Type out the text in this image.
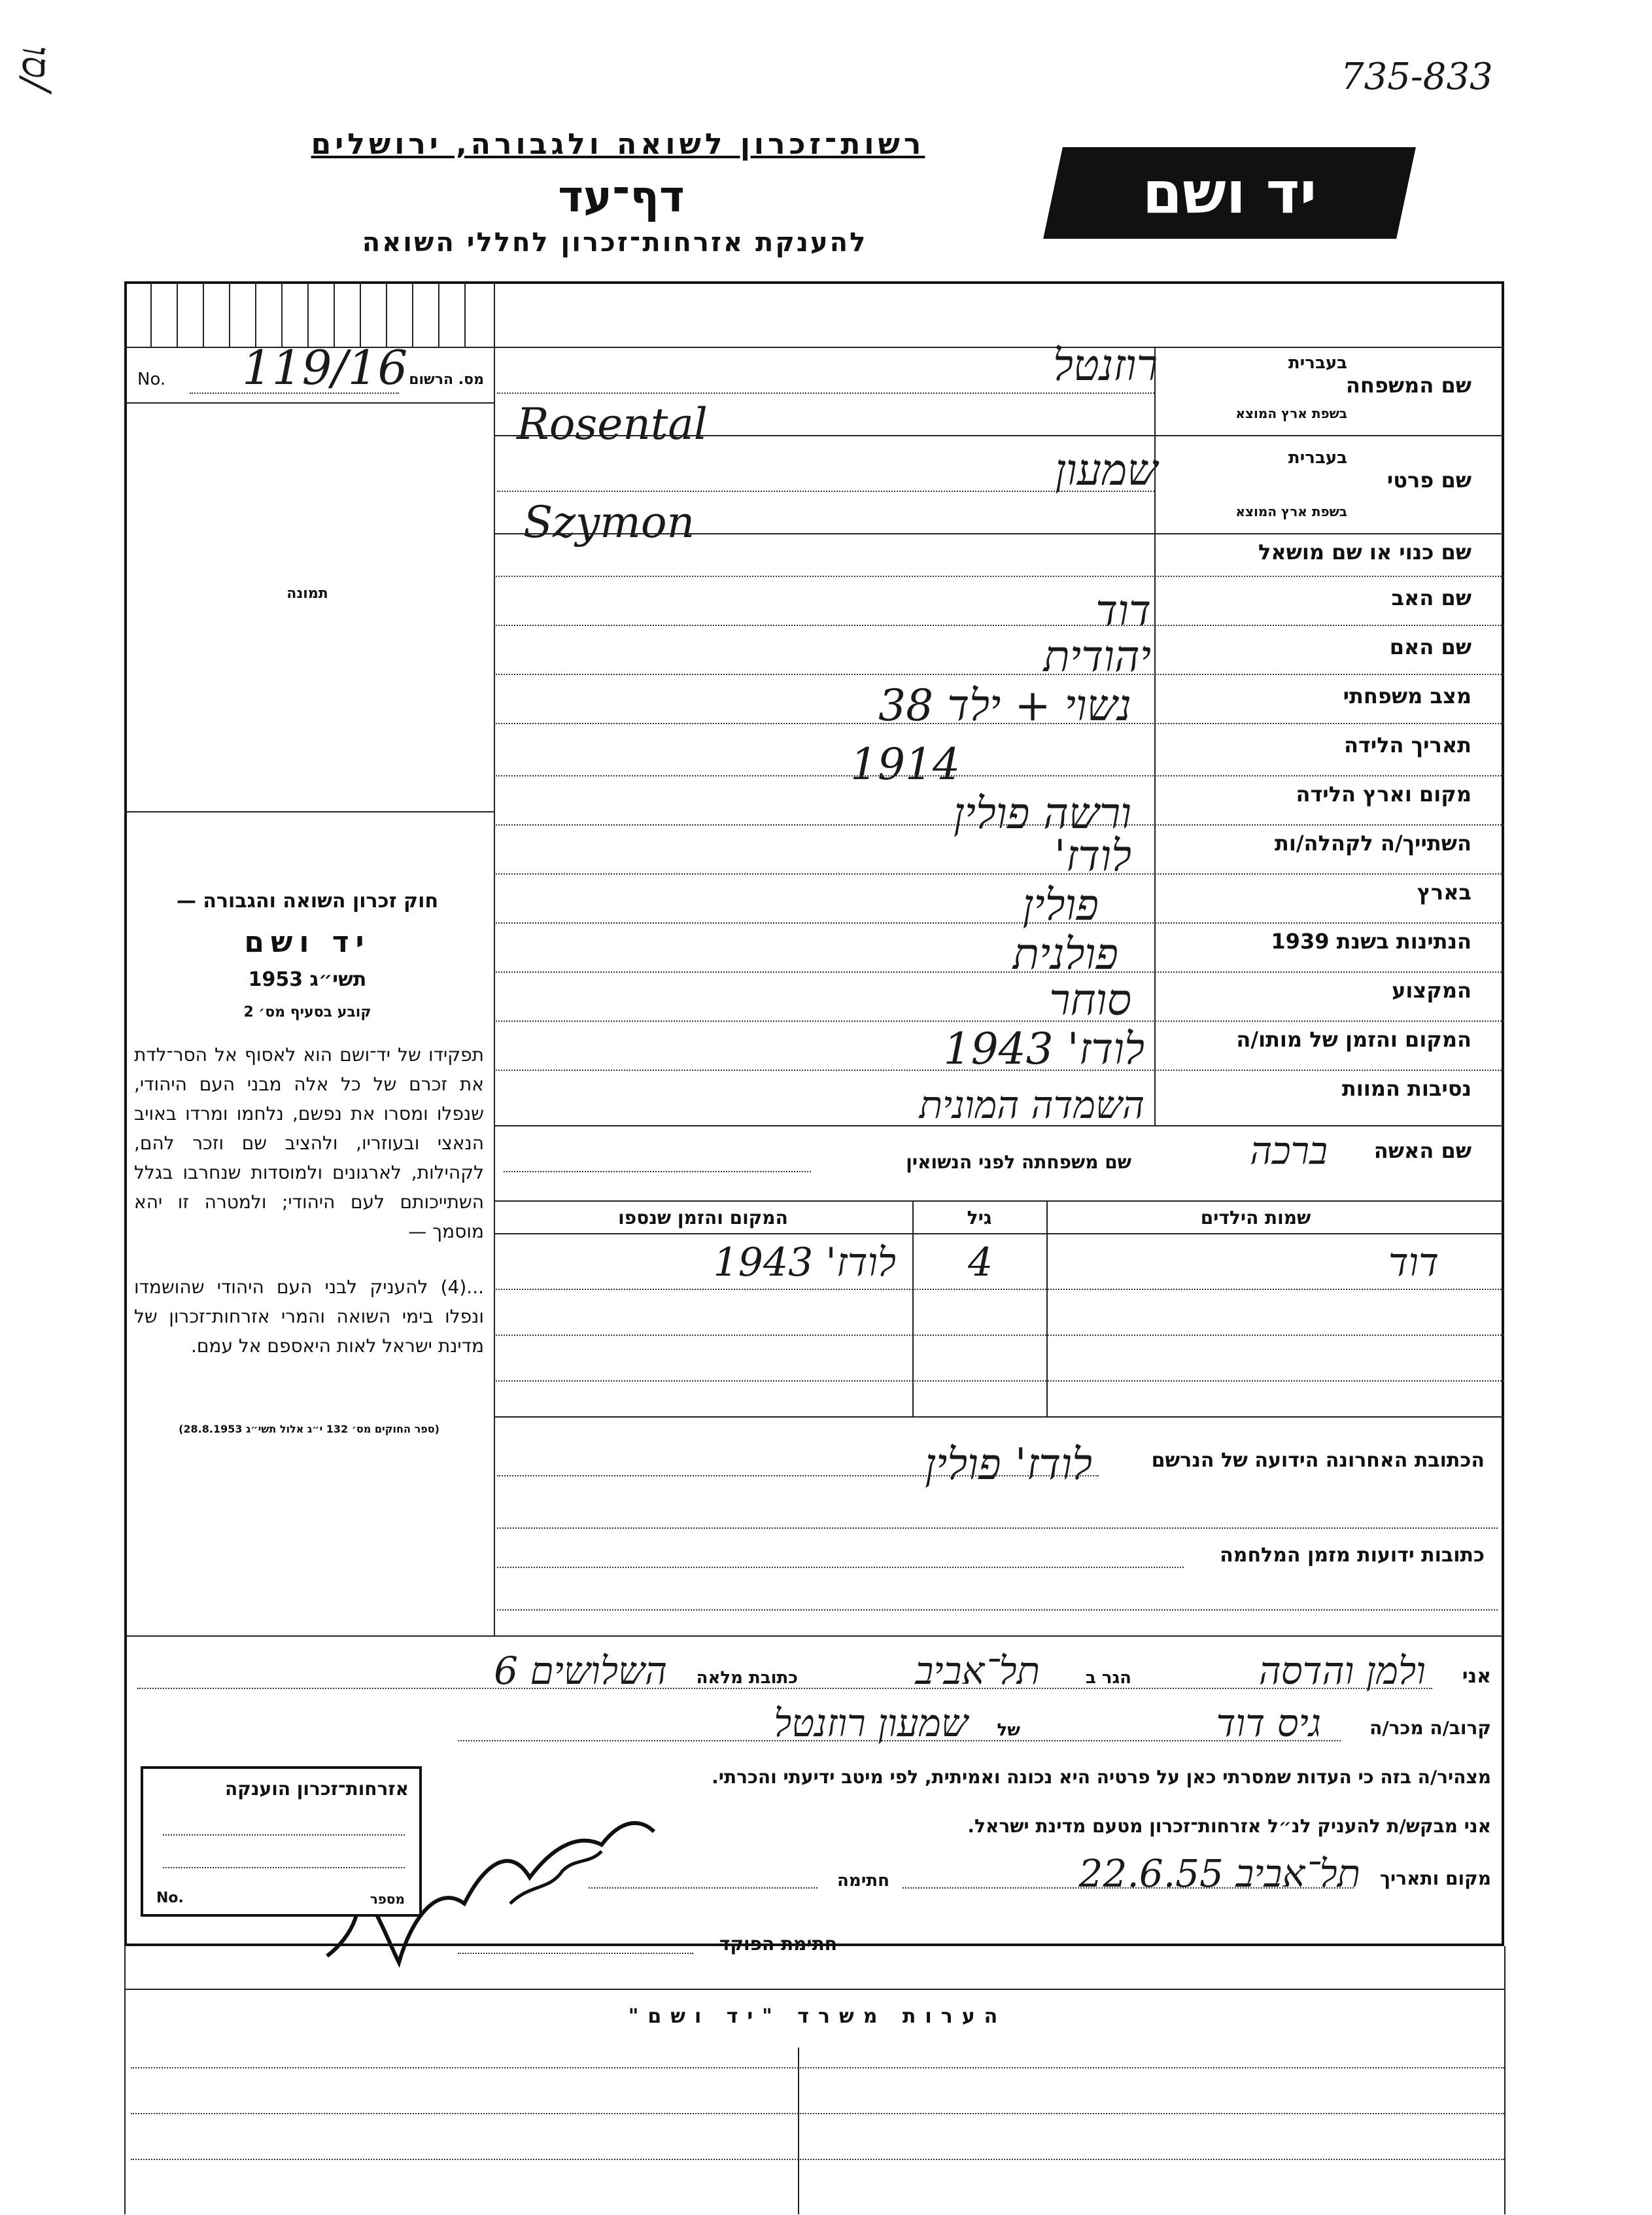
סו/	735-833
רשות־זכרון לשואה ולגבורה, ירושלים
דף־עד
להענקת אזרחות־זכרון לחללי השואה
יד ושם
No. 119/16 מס. הרשום
תמונה
שם המשפחה
בעברית
בשפת ארץ המוצא
רוזנטל
Rosental
שם פרטי
בעברית
בשפת ארץ המוצא
שמעון
Szymon
שם כנוי או שם מושאל
שם האב
דוד
שם האם
יהודית
מצב משפחתי
נשוי + ילד 38
תאריך הלידה
1914
מקום וארץ הלידה
ורשה פולין
השתייך/ה לקהלה/ות
לודז'
בארץ
פולין
הנתינות בשנת 1939
פולנית
המקצוע
סוחר
המקום והזמן של מותו/ה
לודז' 1943
נסיבות המוות
השמדה המונית
חוק זכרון השואה והגבורה —
יד ושם
תשי״ג 1953
קובע בסעיף מס׳ 2
תפקידו של יד־ושם הוא לאסוף אל הסר־לדת את זכרם של כל אלה מבני העם היהודי, שנפלו ומסרו את נפשם, נלחמו ומרדו באויב הנאצי ובעוזריו, ולהציב שם וזכר להם, לקהילות, לארגונים ולמוסדות שנחרבו בגלל השתייכותם לעם היהודי; ולמטרה זו יהא מוסמך —
...(4) להעניק לבני העם היהודי שהושמדו ונפלו בימי השואה והמרי אזרחות־זכרון של מדינת ישראל לאות היאספם אל עמם.
(ספר החוקים מס׳ 132 י״ג אלול תשי״ג 28.8.1953)
שם האשה
ברכה
שם משפחתה לפני הנשואין
שמות הילדים
גיל
המקום והזמן שנספו
דוד
4
לודז' 1943
הכתובת האחרונה הידועה של הנרשם
לודז' פולין
כתובות ידועות מזמן המלחמה
אני
ולמן והדסה
הגר ב
תל־אביב
כתובת מלאה
השלושים 6
קרוב/ה מכר/ה
גיס דוד
של
שמעון רוזנטל
מצהיר/ה בזה כי העדות שמסרתי כאן על פרטיה היא נכונה ואמיתית, לפי מיטב ידיעתי והכרתי.
אני מבקש/ת להעניק לנ״ל אזרחות־זכרון מטעם מדינת ישראל.
מקום ותאריך
תל־אביב 22.6.55
חתימה
חתימת הפוקד
אזרחות־זכרון הוענקה
No.	מספר
הערות משרד "יד ושם"
